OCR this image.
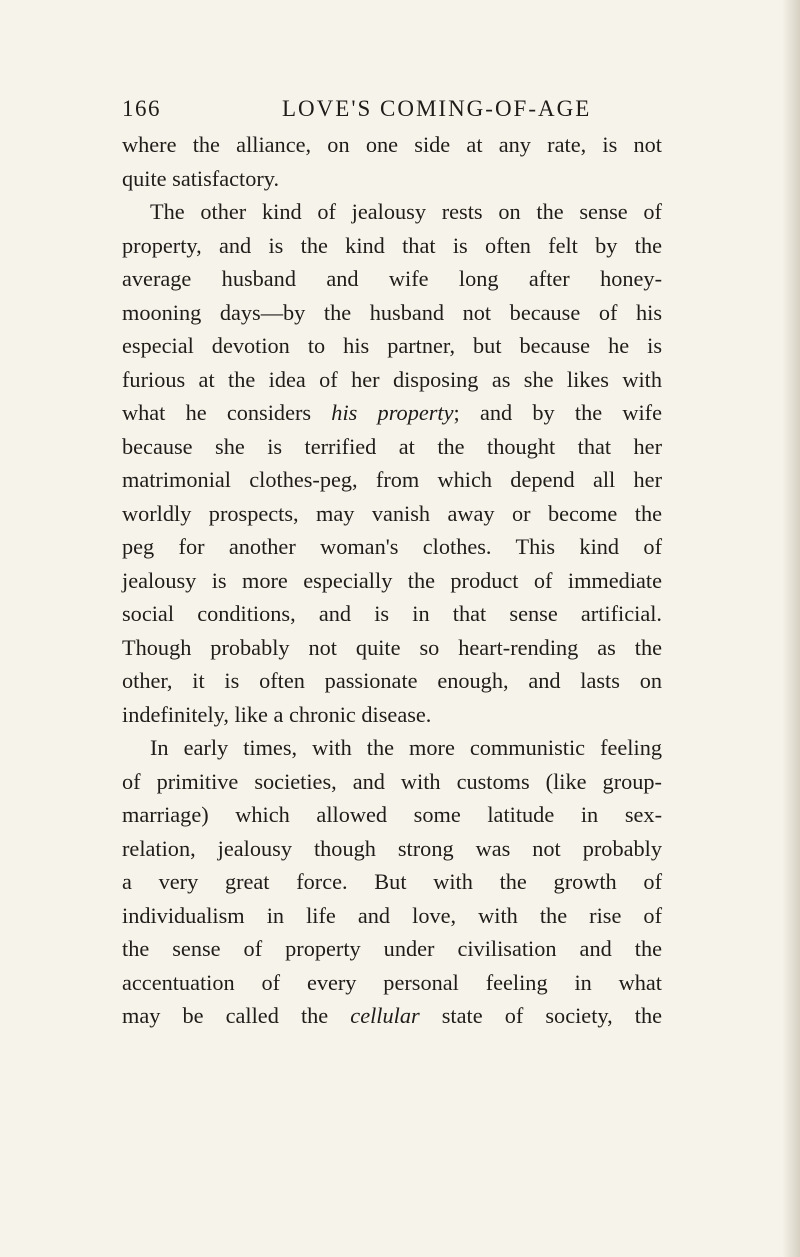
166	LOVE'S COMING-OF-AGE
where the alliance, on one side at any rate, is not
quite satisfactory.
The other kind of jealousy rests on the sense of
property, and is the kind that is often felt by the
average husband and wife long after honey-
mooning days—by the husband not because of his
especial devotion to his partner, but because he is
furious at the idea of her disposing as she likes with
what he considers his property; and by the wife
because she is terrified at the thought that her
matrimonial clothes-peg, from which depend all her
worldly prospects, may vanish away or become the
peg for another woman's clothes. This kind of
jealousy is more especially the product of immediate
social conditions, and is in that sense artificial.
Though probably not quite so heart-rending as the
other, it is often passionate enough, and lasts on
indefinitely, like a chronic disease.
In early times, with the more communistic feeling
of primitive societies, and with customs (like group-
marriage) which allowed some latitude in sex-
relation, jealousy though strong was not probably
a very great force. But with the growth of
individualism in life and love, with the rise of
the sense of property under civilisation and the
accentuation of every personal feeling in what
may be called the cellular state of society, the
